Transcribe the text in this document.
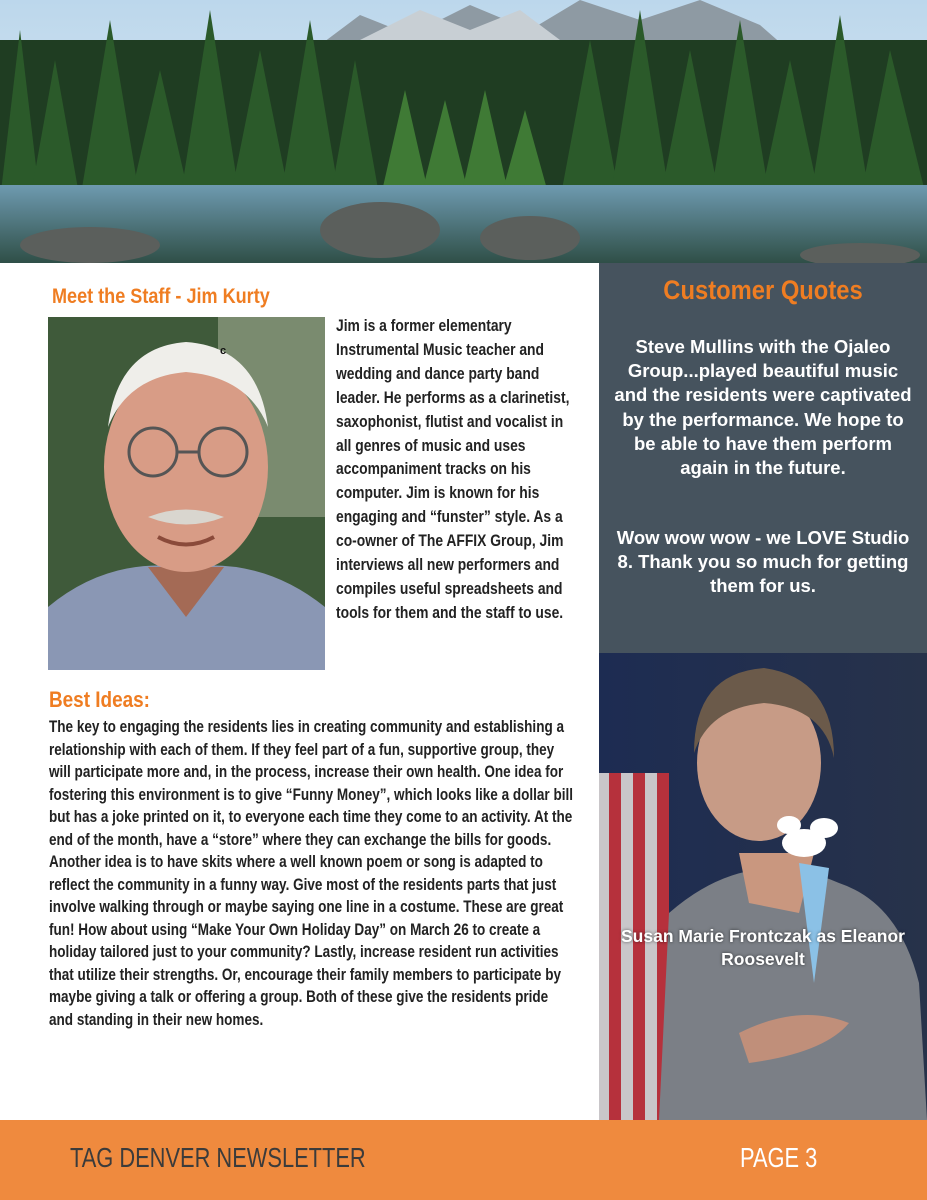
Meet the Staff - Jim Kurty
c
Jim is a former elementary Instrumental Music teacher and wedding and dance party band leader. He performs as a clarinetist, saxophonist, flutist and vocalist in all genres of music and uses accompaniment tracks on his computer. Jim is known for his engaging and “funster” style. As a co-owner of The AFFIX Group, Jim interviews all new performers and compiles useful spreadsheets and tools for them and the staff to use.
Best Ideas:
The key to engaging the residents lies in creating community and establishing a relationship with each of them. If they feel part of a fun, supportive group, they will participate more and, in the process, increase their own health. One idea for fostering this environment is to give “Funny Money”, which looks like a dollar bill but has a joke printed on it, to everyone each time they come to an activity. At the end of the month, have a “store” where they can exchange the bills for goods. Another idea is to have skits where a well known poem or song is adapted to reflect the community in a funny way. Give most of the residents parts that just involve walking through or maybe saying one line in a costume. These are great fun! How about using “Make Your Own Holiday Day” on March 26 to create a holiday tailored just to your community? Lastly, increase resident run activities that utilize their strengths. Or, encourage their family members to participate by maybe giving a talk or offering a group. Both of these give the residents pride and standing in their new homes.
Customer Quotes
Steve Mullins with the Ojaleo Group...played beautiful music and the residents were captivated by the performance. We hope to be able to have them perform again in the future.
Wow wow wow - we LOVE Studio 8. Thank you so much for getting them for us.
Susan Marie Frontczak as Eleanor Roosevelt
TAG DENVER NEWSLETTER	PAGE 3
